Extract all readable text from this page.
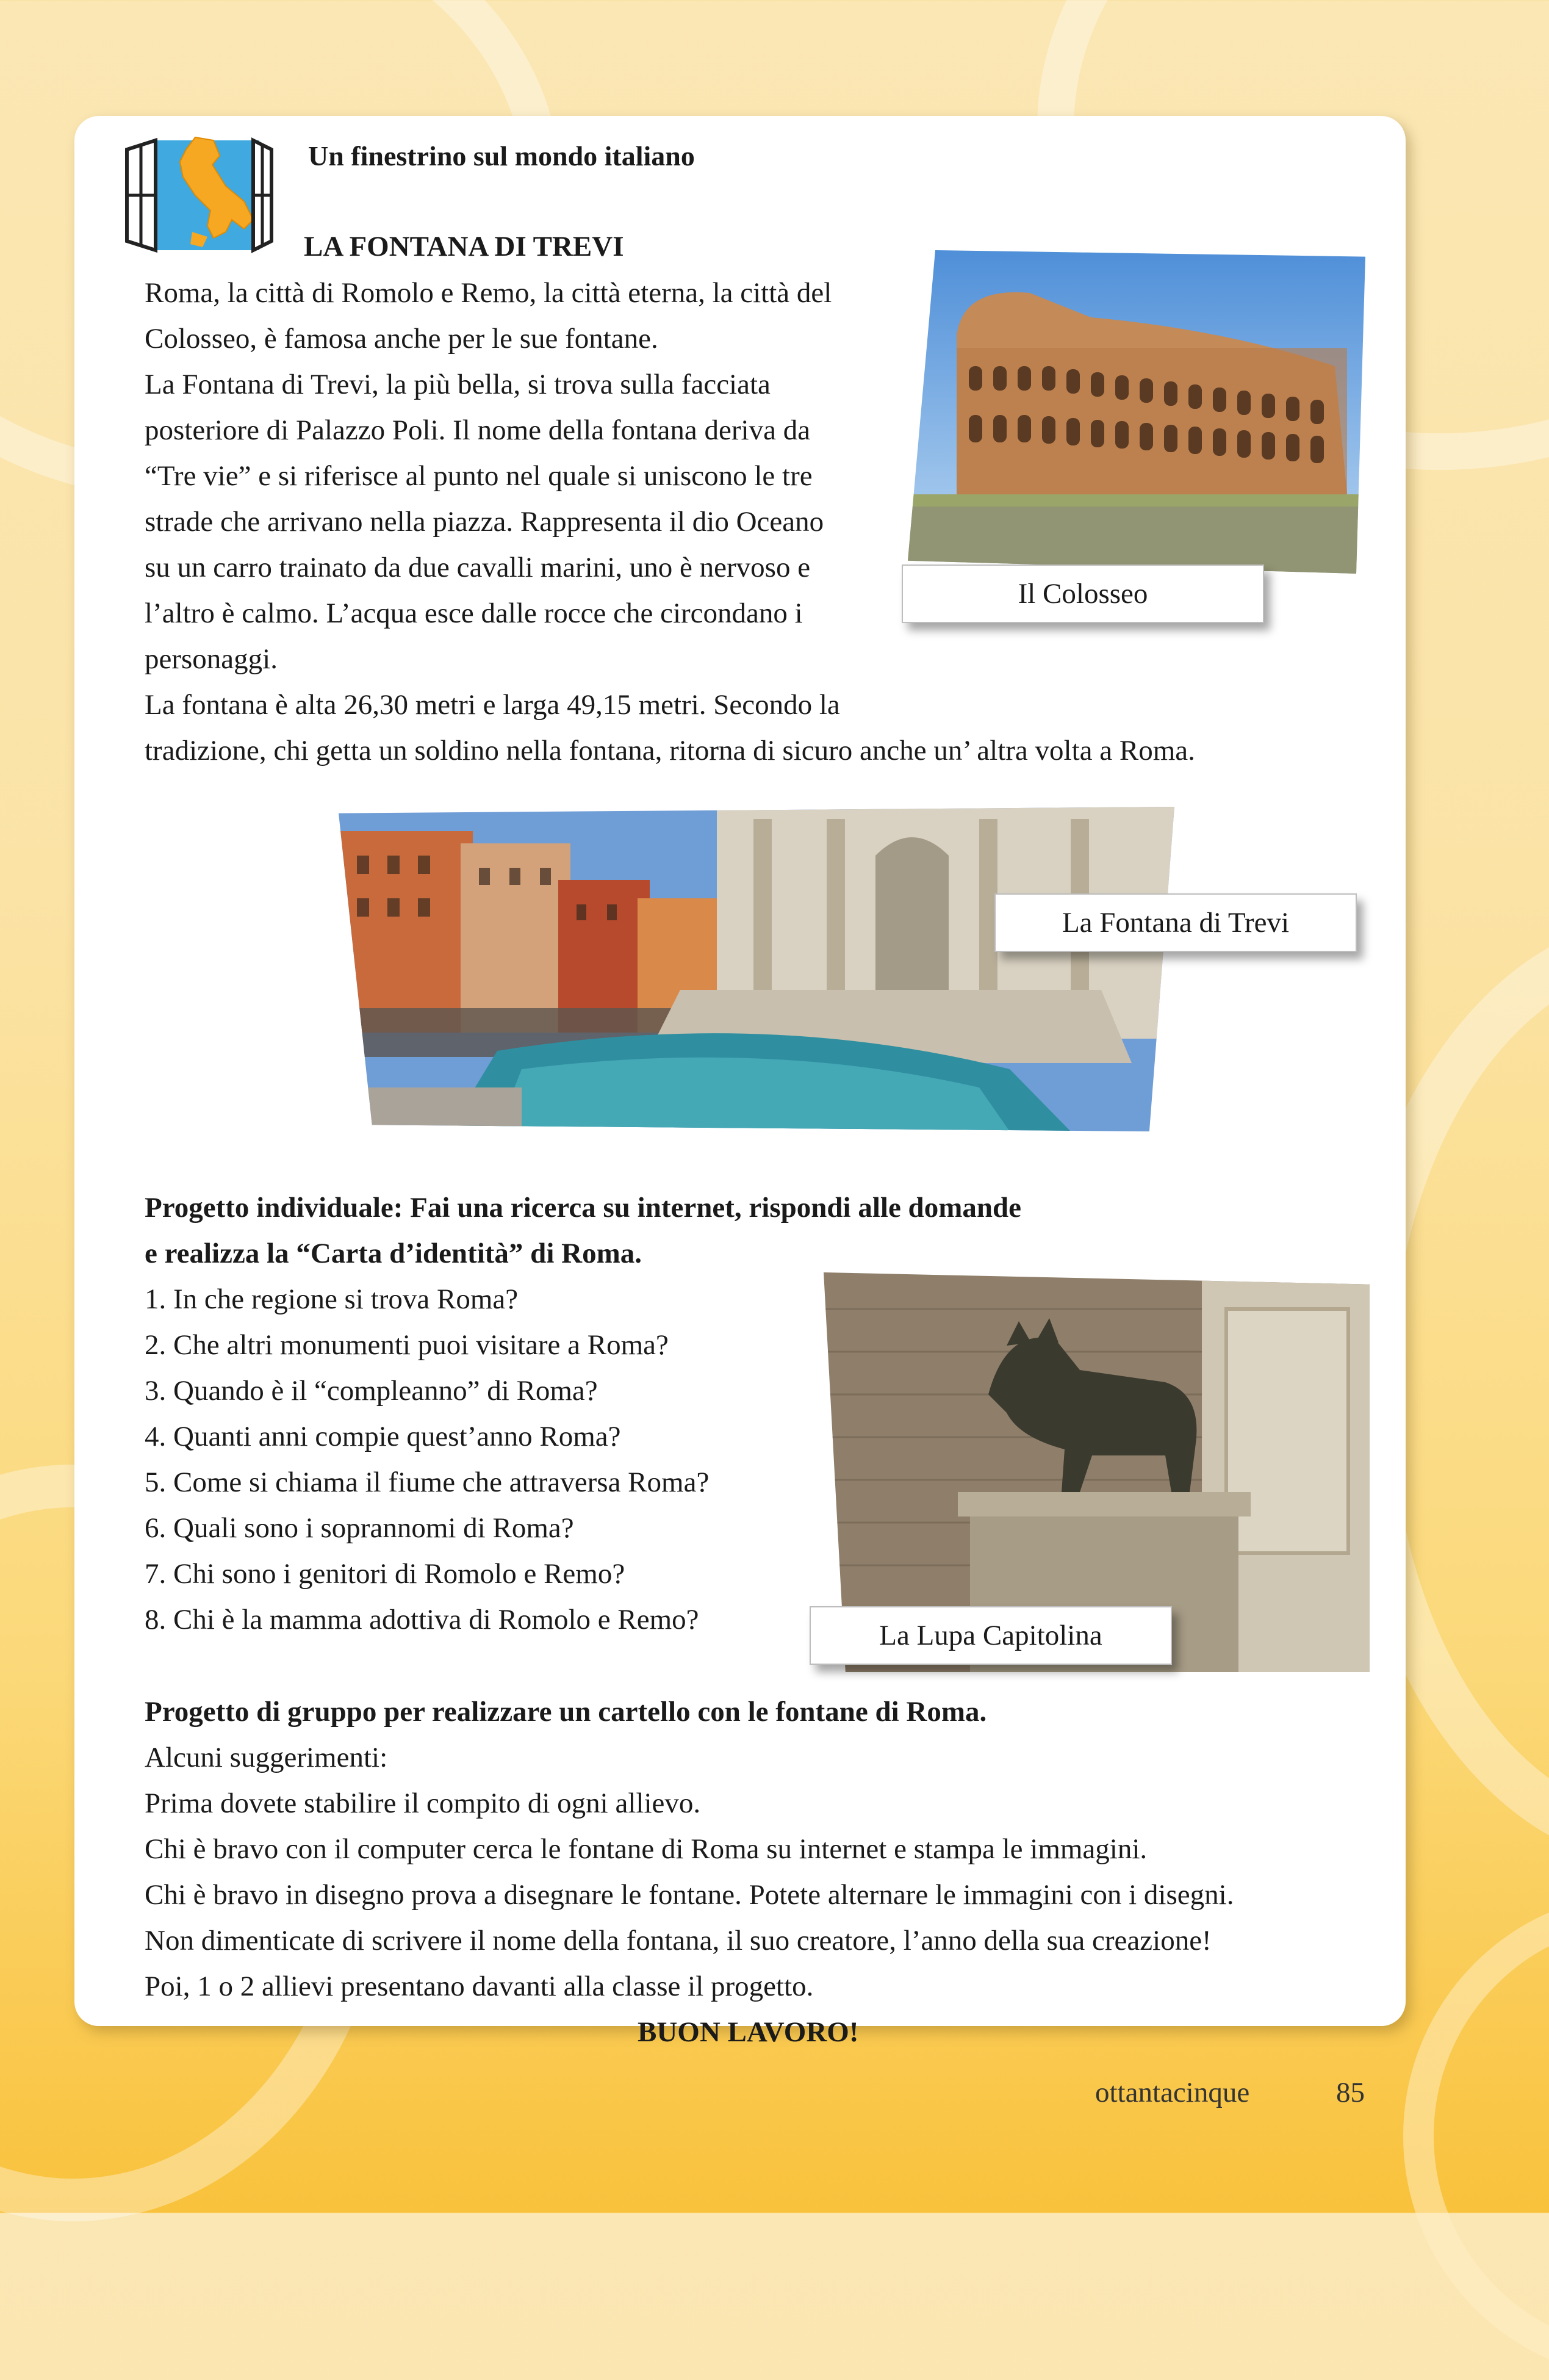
Un finestrino sul mondo italiano
LA FONTANA DI TREVI
Roma, la città di Romolo e Remo, la città eterna, la città del
Colosseo, è famosa anche per le sue fontane.
La Fontana di Trevi, la più bella, si trova sulla facciata
posteriore di Palazzo Poli. Il nome della fontana deriva da
“Tre vie” e si riferisce al punto nel quale si uniscono le tre
strade che arrivano nella piazza. Rappresenta il dio Oceano
su un carro trainato da due cavalli marini, uno è nervoso e
l’altro è calmo. L’acqua esce dalle rocce che circondano i
personaggi.
La fontana è alta 26,30 metri e larga 49,15 metri. Secondo la
tradizione, chi getta un soldino nella fontana, ritorna di sicuro anche un’ altra volta a Roma.
Il Colosseo
La Fontana di Trevi
Progetto individuale: Fai una ricerca su internet, rispondi alle domande
e realizza la “Carta d’identità” di Roma.
1. In che regione si trova Roma?
2. Che altri monumenti puoi visitare a Roma?
3. Quando è il “compleanno” di Roma?
4. Quanti anni compie quest’anno Roma?
5. Come si chiama il fiume che attraversa Roma?
6. Quali sono i soprannomi di Roma?
7. Chi sono i genitori di Romolo e Remo?
8. Chi è la mamma adottiva di Romolo e Remo?	La Lupa Capitolina
Progetto di gruppo per realizzare un cartello con le fontane di Roma.
Alcuni suggerimenti:
Prima dovete stabilire il compito di ogni allievo.
Chi è bravo con il computer cerca le fontane di Roma su internet e stampa le immagini.
Chi è bravo in disegno prova a disegnare le fontane. Potete alternare le immagini con i disegni.
Non dimenticate di scrivere il nome della fontana, il suo creatore, l’anno della sua creazione!
Poi, 1 o 2 allievi presentano davanti alla classe il progetto.
BUON LAVORO!
ottantacinque	85
